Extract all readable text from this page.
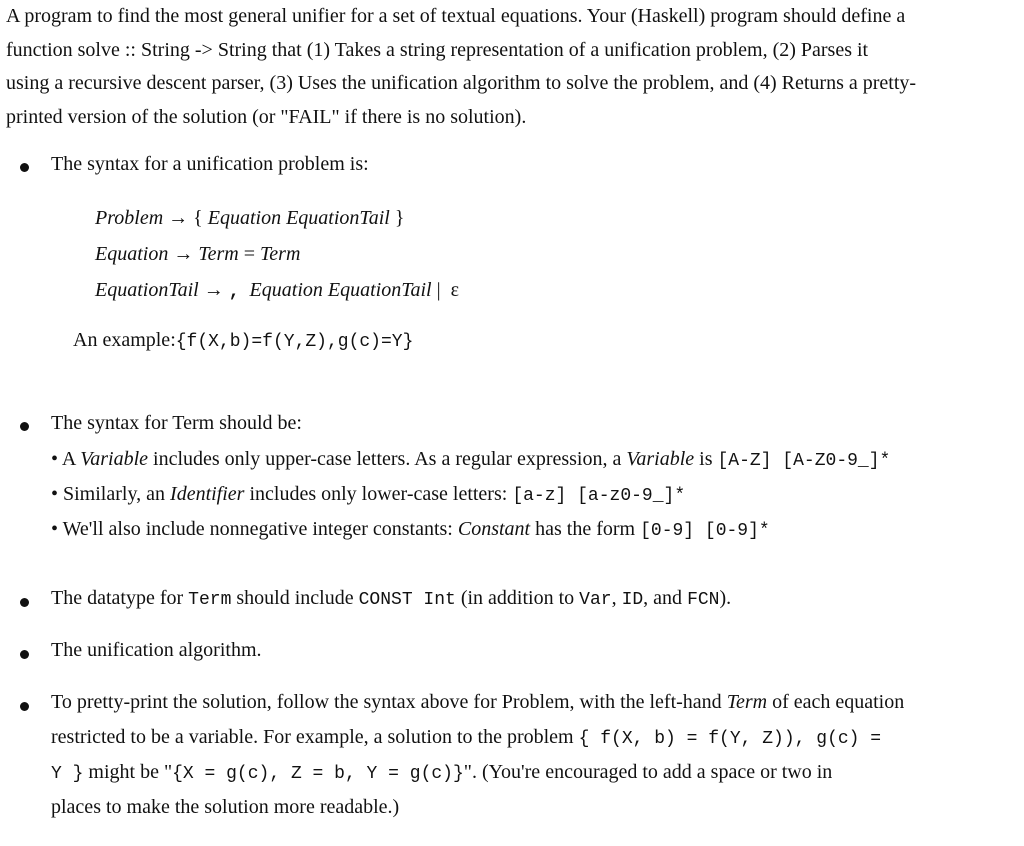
A program to find the most general unifier for a set of textual equations. Your (Haskell) program should define a
function solve :: String -> String that (1) Takes a string representation of a unification problem, (2) Parses it
using a recursive descent parser, (3) Uses the unification algorithm to solve the problem, and (4) Returns a pretty-
printed version of the solution (or "FAIL" if there is no solution).
The syntax for a unification problem is:
Problem → { Equation EquationTail }
Equation → Term = Term
EquationTail → , Equation EquationTail | ε
An example:{f(X,b)=f(Y,Z),g(c)=Y}
The syntax for Term should be:
• A Variable includes only upper-case letters. As a regular expression, a Variable is [A-Z] [A-Z0-9_]*
• Similarly, an Identifier includes only lower-case letters: [a-z] [a-z0-9_]*
• We'll also include nonnegative integer constants: Constant has the form [0-9] [0-9]*
The datatype for Term should include CONST Int (in addition to Var, ID, and FCN).
The unification algorithm.
To pretty-print the solution, follow the syntax above for Problem, with the left-hand Term of each equation
restricted to be a variable. For example, a solution to the problem { f(X, b) = f(Y, Z)), g(c) =
Y } might be "{X = g(c), Z = b, Y = g(c)}". (You're encouraged to add a space or two in
places to make the solution more readable.)
